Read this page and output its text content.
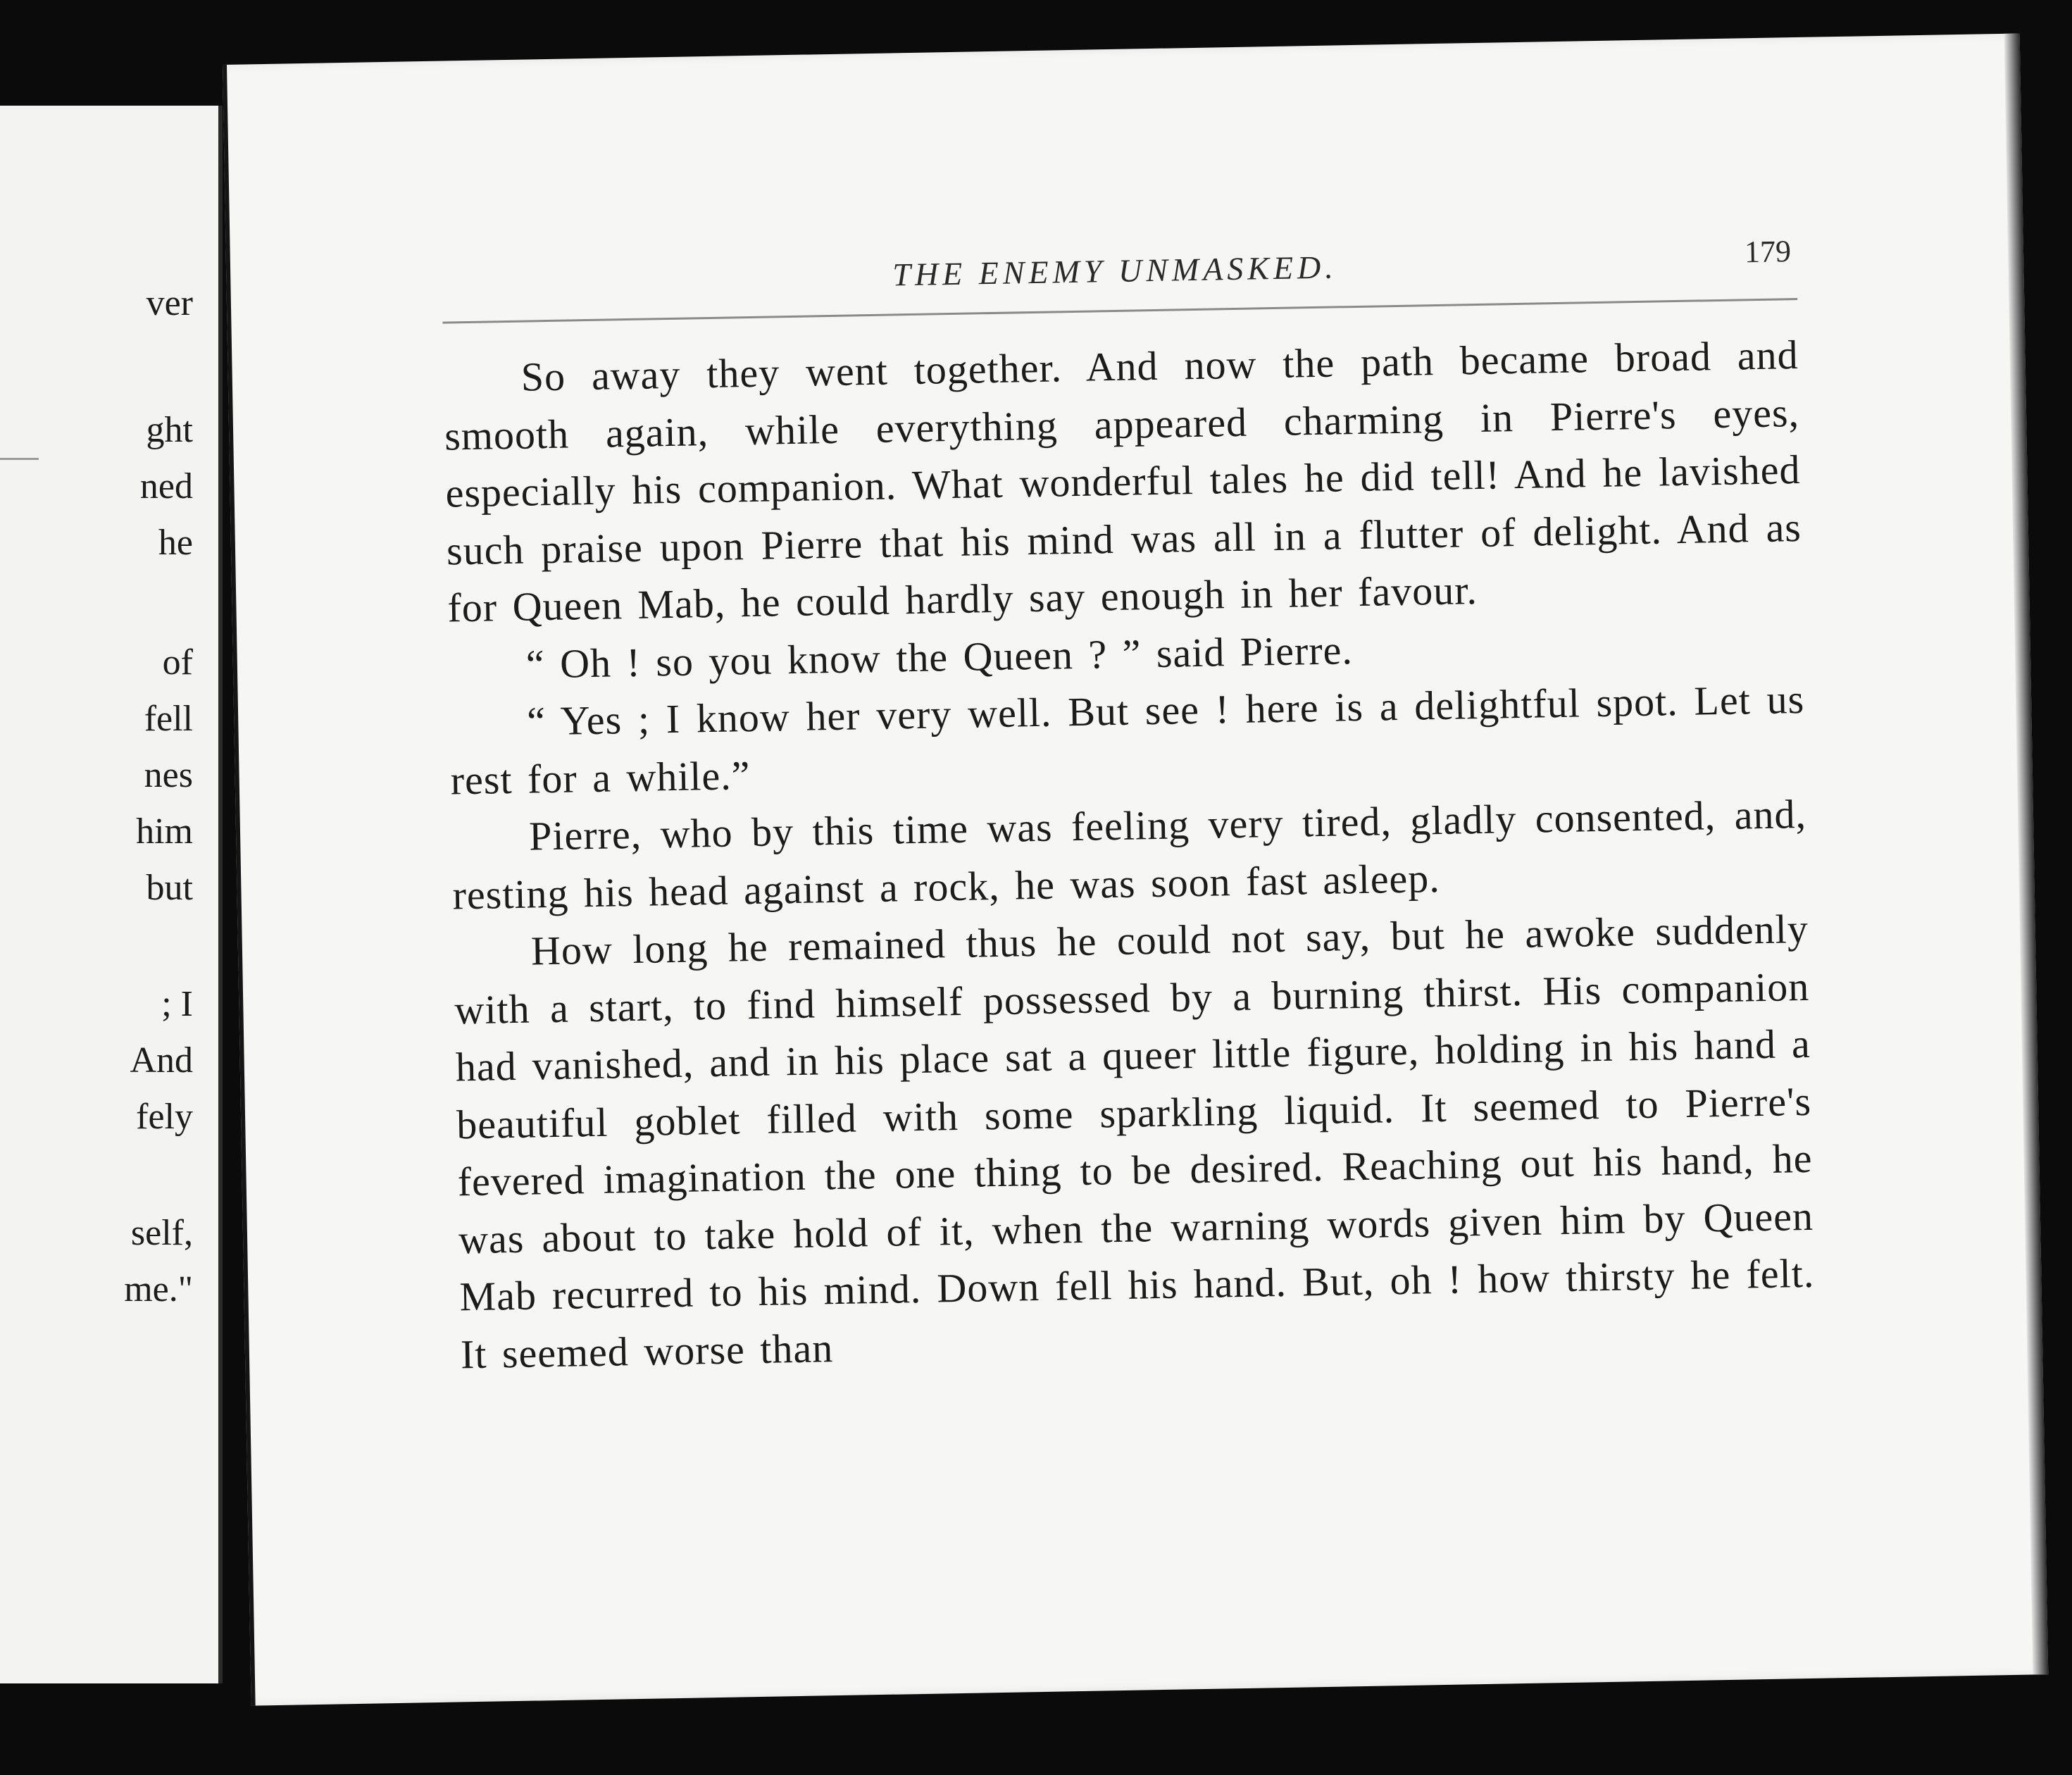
ver
ght
ned
he
of
fell
nes
him
but
; I
And
fely
self,
me."
THE ENEMY UNMASKED.	179

So away they went together. And now the path became broad and smooth again, while everything appeared charming in Pierre's eyes, especially his companion. What wonderful tales he did tell! And he lavished such praise upon Pierre that his mind was all in a flutter of delight. And as for Queen Mab, he could hardly say enough in her favour.

“ Oh ! so you know the Queen ? ” said Pierre.

“ Yes ; I know her very well. But see ! here is a delightful spot. Let us rest for a while.”

Pierre, who by this time was feeling very tired, gladly consented, and, resting his head against a rock, he was soon fast asleep.

How long he remained thus he could not say, but he awoke suddenly with a start, to find himself possessed by a burning thirst. His companion had vanished, and in his place sat a queer little figure, holding in his hand a beautiful goblet filled with some sparkling liquid. It seemed to Pierre's fevered imagination the one thing to be desired. Reaching out his hand, he was about to take hold of it, when the warning words given him by Queen Mab recurred to his mind. Down fell his hand. But, oh ! how thirsty he felt. It seemed worse than
